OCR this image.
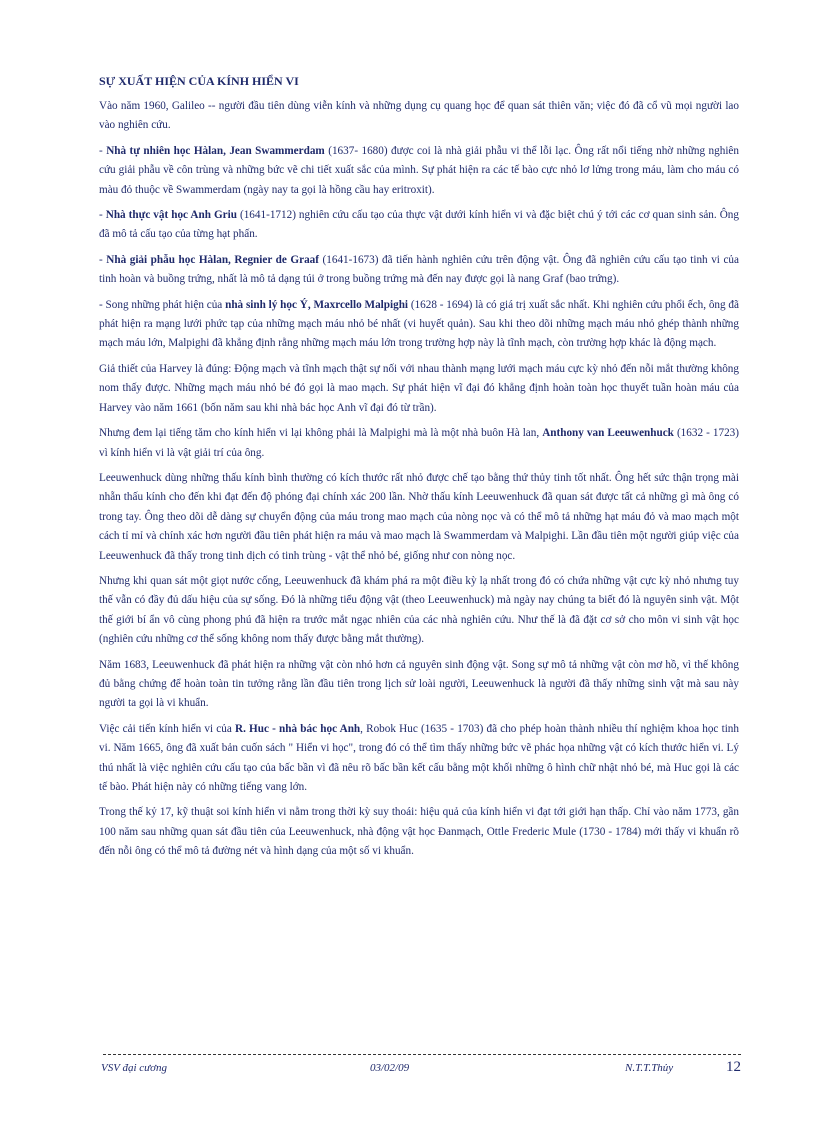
SỰ XUẤT HIỆN CỦA KÍNH HIỂN VI

Vào năm 1960, Galileo -- người đầu tiên dùng viễn kính và những dụng cụ quang học để quan sát thiên văn; việc đó đã cổ vũ mọi người lao vào nghiên cứu.

- Nhà tự nhiên học Hàlan, Jean Swammerdam (1637- 1680) được coi là nhà giải phẫu vi thể lỗi lạc. Ông rất nổi tiếng nhờ những nghiên cứu giải phẫu về côn trùng và những bức vẽ chi tiết xuất sắc của mình. Sự phát hiện ra các tế bào cực nhỏ lơ lửng trong máu, làm cho máu có màu đỏ thuộc về Swammerdam (ngày nay ta gọi là hồng cầu hay eritroxit).

- Nhà thực vật học Anh Griu (1641-1712) nghiên cứu cấu tạo của thực vật dưới kính hiển vi và đặc biệt chú ý tới các cơ quan sinh sản. Ông đã mô tả cấu tạo của từng hạt phấn.

- Nhà giải phẫu học Hàlan, Regnier de Graaf (1641-1673) đã tiến hành nghiên cứu trên động vật. Ông đã nghiên cứu cấu tạo tinh vi của tinh hoàn và buồng trứng, nhất là mô tả dạng túi ở trong buồng trứng mà đến nay được gọi là nang Graf (bao trứng).

- Song những phát hiện của nhà sinh lý học Ý, Maxrcello Malpighi (1628 - 1694) là có giá trị xuất sắc nhất. Khi nghiên cứu phổi ếch, ông đã phát hiện ra mạng lưới phức tạp của những mạch máu nhỏ bé nhất (vi huyết quản). Sau khi theo dõi những mạch máu nhỏ ghép thành những mạch máu lớn, Malpighi đã khẳng định rằng những mạch máu lớn trong trường hợp này là tĩnh mạch, còn trường hợp khác là động mạch.

Giả thiết của Harvey là đúng: Động mạch và tĩnh mạch thật sự nối với nhau thành mạng lưới mạch máu cực kỳ nhỏ đến nỗi mắt thường không nom thấy được. Những mạch máu nhỏ bé đó gọi là mao mạch. Sự phát hiện vĩ đại đó khẳng định hoàn toàn học thuyết tuần hoàn máu của Harvey vào năm 1661 (bốn năm sau khi nhà bác học Anh vĩ đại đó từ trần).

Nhưng đem lại tiếng tăm cho kính hiển vi lại không phải là Malpighi mà là một nhà buôn Hà lan, Anthony van Leeuwenhuck (1632 - 1723) vì kính hiển vi là vật giải trí của ông.

Leeuwenhuck dùng những thấu kính bình thường có kích thước rất nhỏ được chế tạo bằng thứ thủy tinh tốt nhất. Ông hết sức thận trọng mài nhẵn thấu kính cho đến khi đạt đến độ phóng đại chính xác 200 lần. Nhờ thấu kính Leeuwenhuck đã quan sát được tất cả những gì mà ông có trong tay. Ông theo dõi dễ dàng sự chuyển động của máu trong mao mạch của nòng nọc và có thể mô tả những hạt máu đỏ và mao mạch một cách tỉ mỉ và chính xác hơn người đầu tiên phát hiện ra máu và mao mạch là Swammerdam và Malpighi. Lần đầu tiên một người giúp việc của Leeuwenhuck đã thấy trong tinh dịch có tinh trùng - vật thể nhỏ bé, giống như con nòng nọc.

Nhưng khi quan sát một giọt nước cống, Leeuwenhuck đã khám phá ra một điều kỳ lạ nhất trong đó có chứa những vật cực kỳ nhỏ nhưng tuy thế vẫn có đầy đủ dấu hiệu của sự sống. Đó là những tiểu động vật (theo Leeuwenhuck) mà ngày nay chúng ta biết đó là nguyên sinh vật. Một thế giới bí ẩn vô cùng phong phú đã hiện ra trước mắt ngạc nhiên của các nhà nghiên cứu. Như thế là đã đặt cơ sở cho môn vi sinh vật học (nghiên cứu những cơ thể sống không nom thấy được bằng mắt thường).

Năm 1683, Leeuwenhuck đã phát hiện ra những vật còn nhỏ hơn cả nguyên sinh động vật. Song sự mô tả những vật còn mơ hồ, vì thế không đủ bằng chứng để hoàn toàn tin tưởng rằng lần đầu tiên trong lịch sử loài người, Leeuwenhuck là người đã thấy những sinh vật mà sau này người ta gọi là vi khuẩn.

Việc cải tiến kính hiển vi của R. Huc - nhà bác học Anh, Robok Huc (1635 - 1703) đã cho phép hoàn thành nhiều thí nghiệm khoa học tinh vi. Năm 1665, ông đã xuất bản cuốn sách " Hiển vi học", trong đó có thể tìm thấy những bức vẽ phác họa những vật có kích thước hiển vi. Lý thú nhất là việc nghiên cứu cấu tạo của bấc bần vì đã nêu rõ bấc bần kết cấu bằng một khối những ô hình chữ nhật nhỏ bé, mà Huc gọi là các tế bào. Phát hiện này có những tiếng vang lớn.

Trong thế kỷ 17, kỹ thuật soi kính hiển vi nằm trong thời kỳ suy thoái: hiệu quả của kính hiển vi đạt tới giới hạn thấp. Chỉ vào năm 1773, gần 100 năm sau những quan sát đầu tiên của Leeuwenhuck, nhà động vật học Đanmạch, Ottle Frederic Mule (1730 - 1784) mới thấy vi khuẩn rõ đến nỗi ông có thể mô tả đường nét và hình dạng của một số vi khuẩn.

VSV đại cương	03/02/09	N.T.T.Thủy	12
